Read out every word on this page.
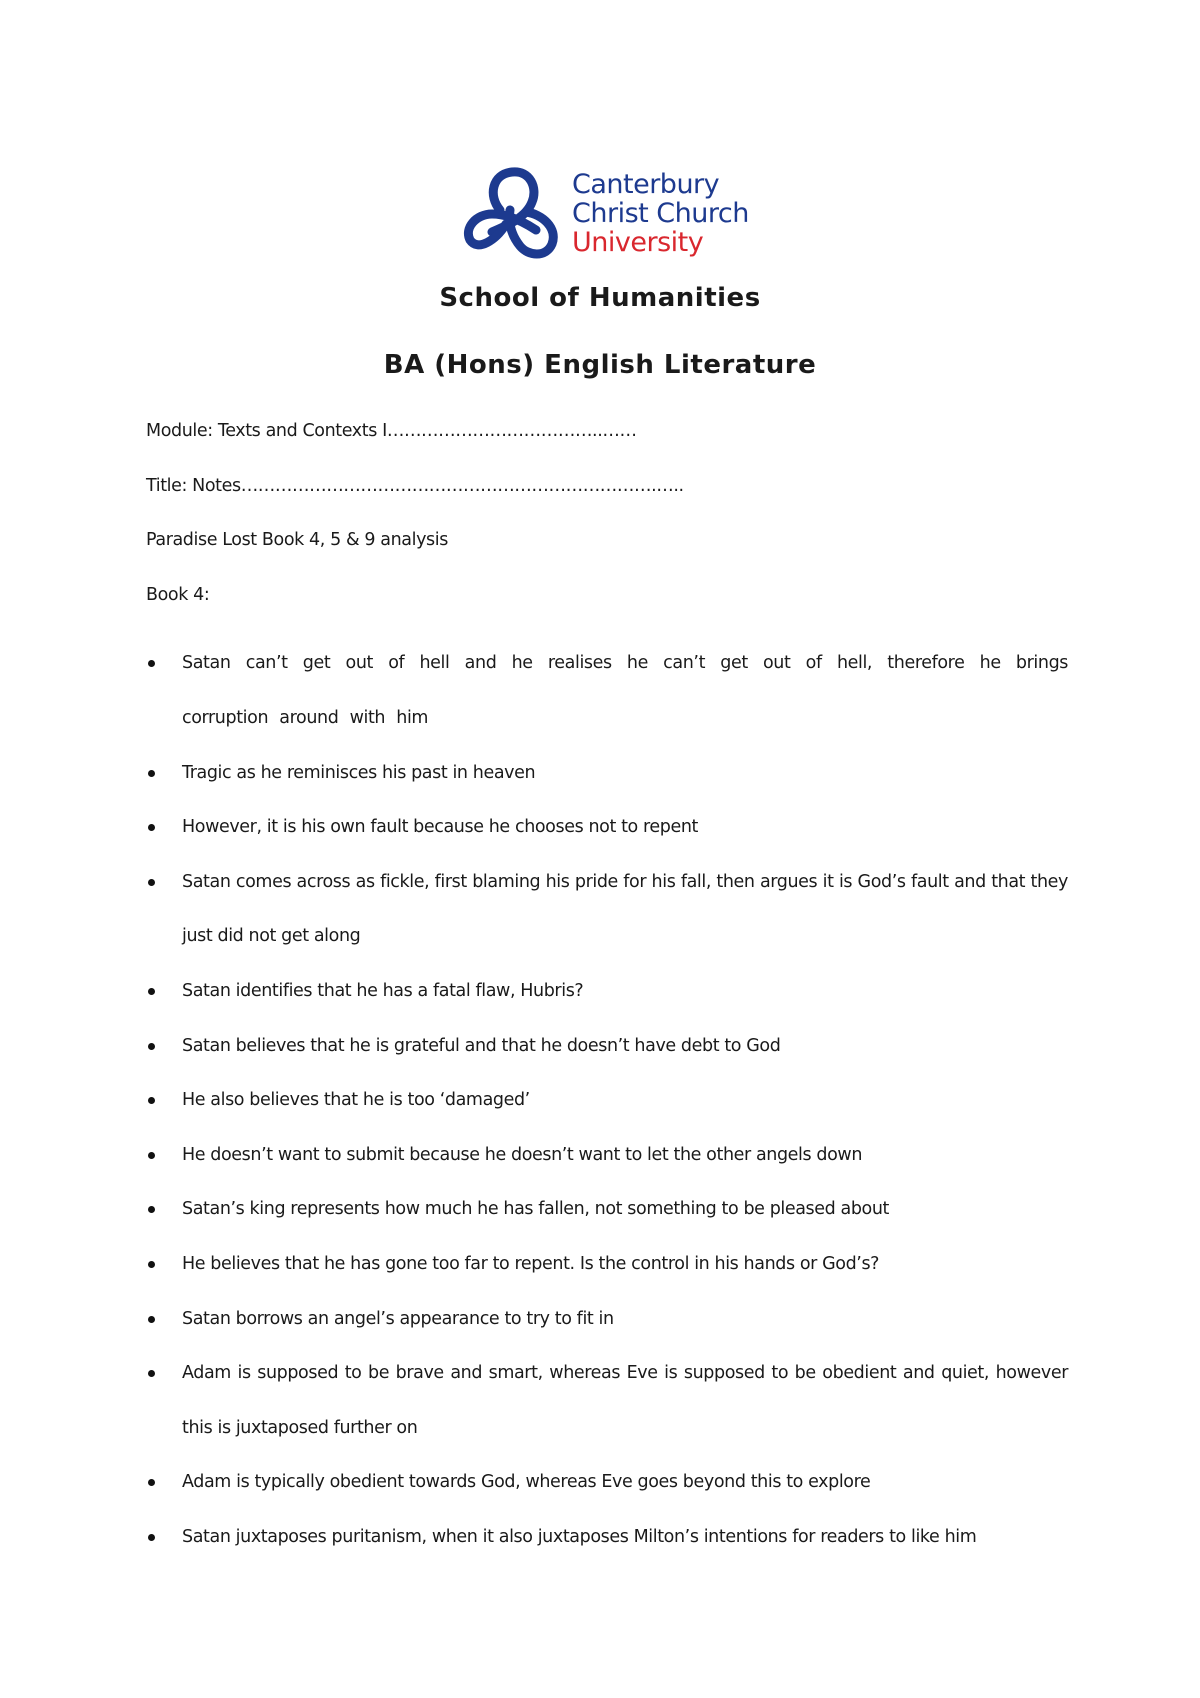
Canterbury
Christ Church
University
School of Humanities
BA (Hons) English Literature
Module: Texts and Contexts I………………………………..……
Title: Notes……………………………………………………………….…..
Paradise Lost Book 4, 5 & 9 analysis
Book 4:
Satan can’t get out of hell and he realises he can’t get out of hell, therefore he brings corruption around with him
Tragic as he reminisces his past in heaven
However, it is his own fault because he chooses not to repent
Satan comes across as fickle, first blaming his pride for his fall, then argues it is God’s fault and that they just did not get along
Satan identifies that he has a fatal flaw, Hubris?
Satan believes that he is grateful and that he doesn’t have debt to God
He also believes that he is too ‘damaged’
He doesn’t want to submit because he doesn’t want to let the other angels down
Satan’s king represents how much he has fallen, not something to be pleased about
He believes that he has gone too far to repent. Is the control in his hands or God’s?
Satan borrows an angel’s appearance to try to fit in
Adam is supposed to be brave and smart, whereas Eve is supposed to be obedient and quiet, however this is juxtaposed further on
Adam is typically obedient towards God, whereas Eve goes beyond this to explore
Satan juxtaposes puritanism, when it also juxtaposes Milton’s intentions for readers to like him
